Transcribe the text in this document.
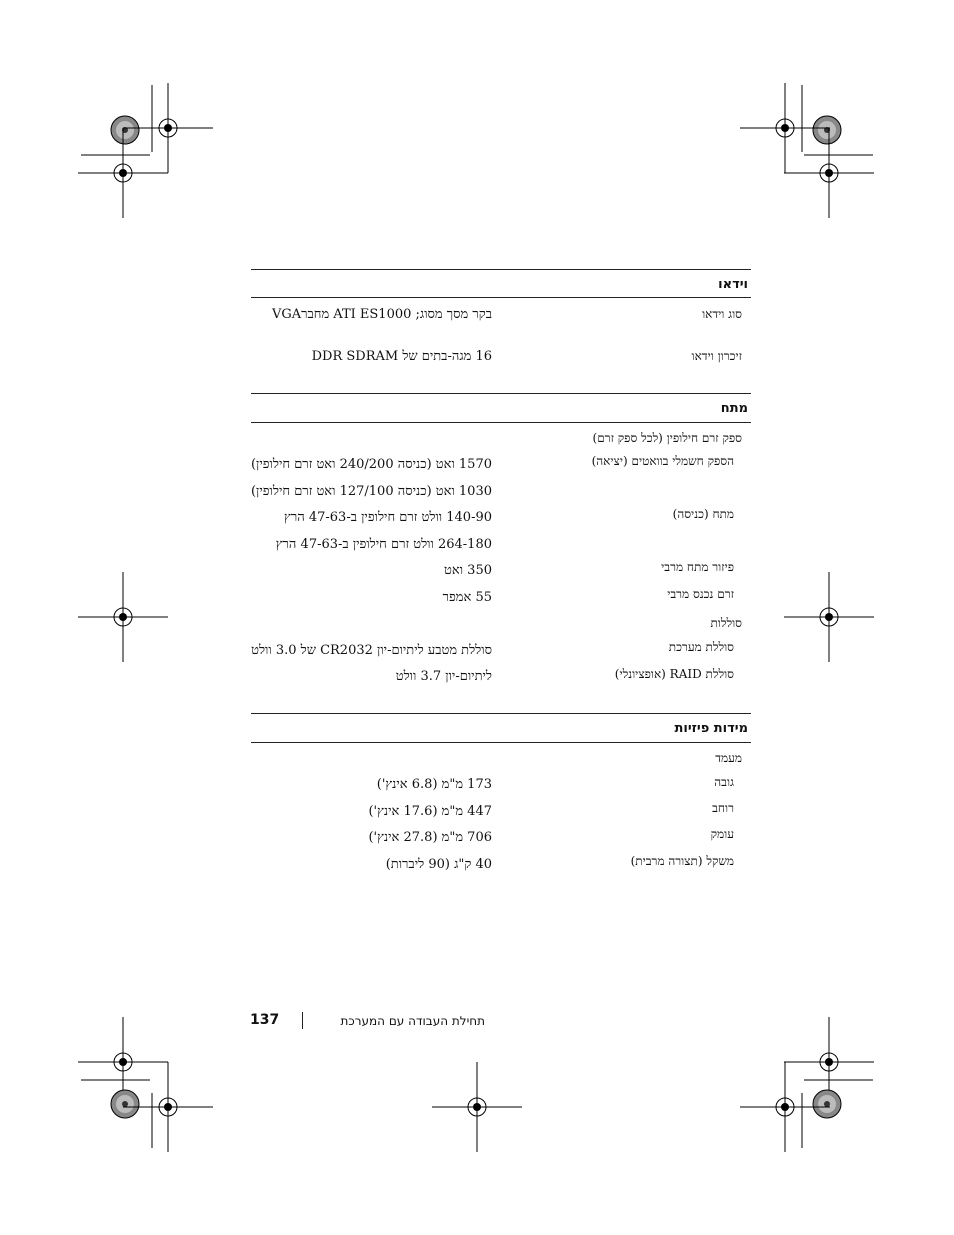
וידאו
סוג וידאו
בקר מסך מסוג; ATI ES1000 מחברVGA
זיכרון וידאו
16 מגה-בתים של DDR SDRAM
מתח
ספק זרם חילופין (לכל ספק זרם)
הספק חשמלי בוואטים (יציאה)
1570 ואט (כניסה 240/200 ואט זרם חילופין)
1030 ואט (כניסה 127/100 ואט זרם חילופין)
מתח (כניסה)
140-90 וולט זרם חילופין ב-47-63 הרץ
264-180 וולט זרם חילופין ב-47-63 הרץ
פיזור מתח מרבי
350 ואט
זרם נכנס מרבי
55 אמפר
סוללות
סוללת מערכת
סוללת מטבע ליתיום-יון CR2032 של 3.0 וולט
סוללת RAID (אופציונלי)
ליתיום-יון 3.7 וולט
מידות פיזיות
מעמד
גובה
173 מ"מ (6.8 אינץ')
רוחב
447 מ"מ (17.6 אינץ')
עומק
706 מ"מ (27.8 אינץ')
משקל (תצורה מרבית)
40 ק"ג (90 ליברות)
תחילת העבודה עם המערכת
137
